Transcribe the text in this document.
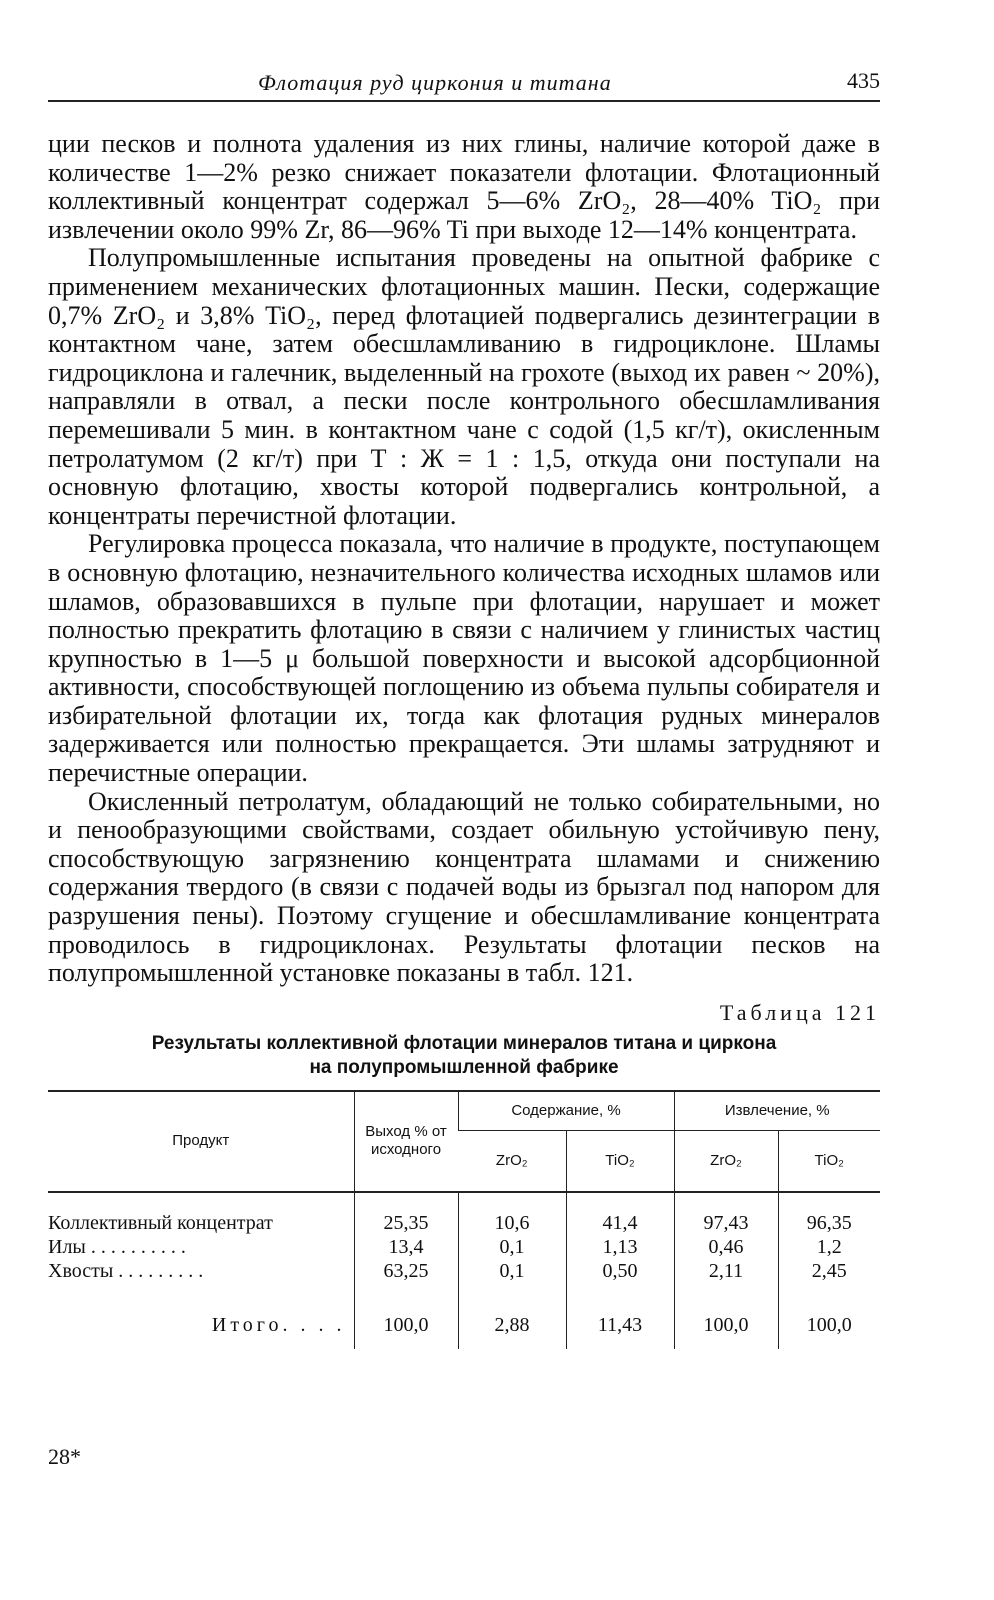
Флотация руд циркония и титана	435

ции песков и полнота удаления из них глины, наличие которой даже в количестве 1—2% резко снижает показатели флотации. Флотационный коллективный концентрат содержал 5—6% ZrO₂, 28—40% TiO₂ при извлечении около 99% Zr, 86—96% Ti при выходе 12—14% концентрата.

Полупромышленные испытания проведены на опытной фабрике с применением механических флотационных машин. Пески, содержащие 0,7% ZrO₂ и 3,8% TiO₂, перед флотацией подвергались дезинтеграции в контактном чане, затем обесшламливанию в гидроциклоне. Шламы гидроциклона и галечник, выделенный на грохоте (выход их равен ~ 20%), направляли в отвал, а пески после контрольного обесшламливания перемешивали 5 мин. в контактном чане с содой (1,5 кг/т), окисленным петролатумом (2 кг/т) при Т : Ж = 1 : 1,5, откуда они поступали на основную флотацию, хвосты которой подвергались контрольной, а концентраты перечистной флотации.

Регулировка процесса показала, что наличие в продукте, поступающем в основную флотацию, незначительного количества исходных шламов или шламов, образовавшихся в пульпе при флотации, нарушает и может полностью прекратить флотацию в связи с наличием у глинистых частиц крупностью в 1—5 μ большой поверхности и высокой адсорбционной активности, способствующей поглощению из объема пульпы собирателя и избирательной флотации их, тогда как флотация рудных минералов задерживается или полностью прекращается. Эти шламы затрудняют и перечистные операции.

Окисленный петролатум, обладающий не только собирательными, но и пенообразующими свойствами, создает обильную устойчивую пену, способствующую загрязнению концентрата шламами и снижению содержания твердого (в связи с подачей воды из брызгал под напором для разрушения пены). Поэтому сгущение и обесшламливание концентрата проводилось в гидроциклонах. Результаты флотации песков на полупромышленной установке показаны в табл. 121.

Таблица 121
Результаты коллективной флотации минералов титана и циркона
на полупромышленной фабрике
Продукт	Выход % от исходного	Содержание, %		Извлечение, %	
		ZrO₂	TiO₂	ZrO₂	TiO₂
Коллективный концентрат	25,35	10,6	41,4	97,43	96,35
Илы . . . . . . . . . .	13,4	0,1	1,13	0,46	1,2
Хвосты . . . . . . . . .	63,25	0,1	0,50	2,11	2,45
Итого. . . .	100,0	2,88	11,43	100,0	100,0
28*
